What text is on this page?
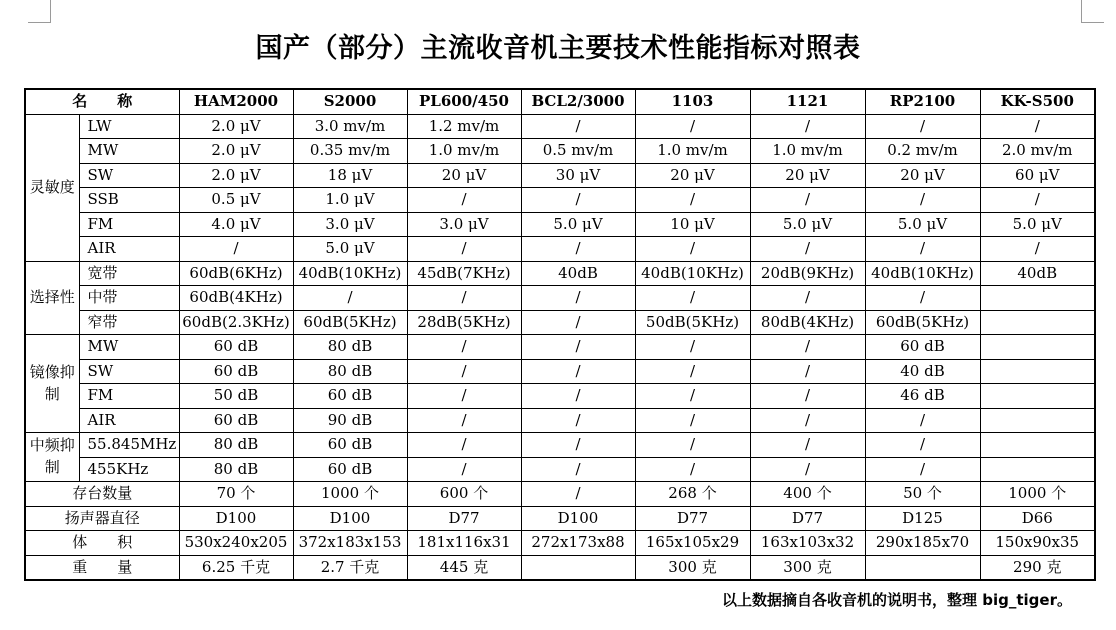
国产（部分）主流收音机主要技术性能指标对照表
名　　称		HAM2000	S2000	PL600/450	BCL2/3000	1103	1121	RP2100	KK-S500
灵敏度	LW	2.0 μV	3.0 mv/m	1.2 mv/m	/	/	/	/	/
	MW	2.0 μV	0.35 mv/m	1.0 mv/m	0.5 mv/m	1.0 mv/m	1.0 mv/m	0.2 mv/m	2.0 mv/m
	SW	2.0 μV	18 μV	20 μV	30 μV	20 μV	20 μV	20 μV	60 μV
	SSB	0.5 μV	1.0 μV	/	/	/	/	/	/
	FM	4.0 μV	3.0 μV	3.0 μV	5.0 μV	10 μV	5.0 μV	5.0 μV	5.0 μV
	AIR	/	5.0 μV	/	/	/	/	/	/
选择性	宽带	60dB(6KHz)	40dB(10KHz)	45dB(7KHz)	40dB	40dB(10KHz)	20dB(9KHz)	40dB(10KHz)	40dB
	中带	60dB(4KHz)	/	/	/	/	/	/	
	窄带	60dB(2.3KHz)	60dB(5KHz)	28dB(5KHz)	/	50dB(5KHz)	80dB(4KHz)	60dB(5KHz)	
镜像抑制	MW	60 dB	80 dB	/	/	/	/	60 dB	
	SW	60 dB	80 dB	/	/	/	/	40 dB	
	FM	50 dB	60 dB	/	/	/	/	46 dB	
	AIR	60 dB	90 dB	/	/	/	/	/	
中频抑制	55.845MHz	80 dB	60 dB	/	/	/	/	/	
	455KHz	80 dB	60 dB	/	/	/	/	/	
存台数量		70 个	1000 个	600 个	/	268 个	400 个	50 个	1000 个
扬声器直径		D100	D100	D77	D100	D77	D77	D125	D66
体　　积		530x240x205	372x183x153	181x116x31	272x173x88	165x105x29	163x103x32	290x185x70	150x90x35
重　　量		6.25 千克	2.7 千克	445 克		300 克	300 克		290 克

以上数据摘自各收音机的说明书，整理 big_tiger。
